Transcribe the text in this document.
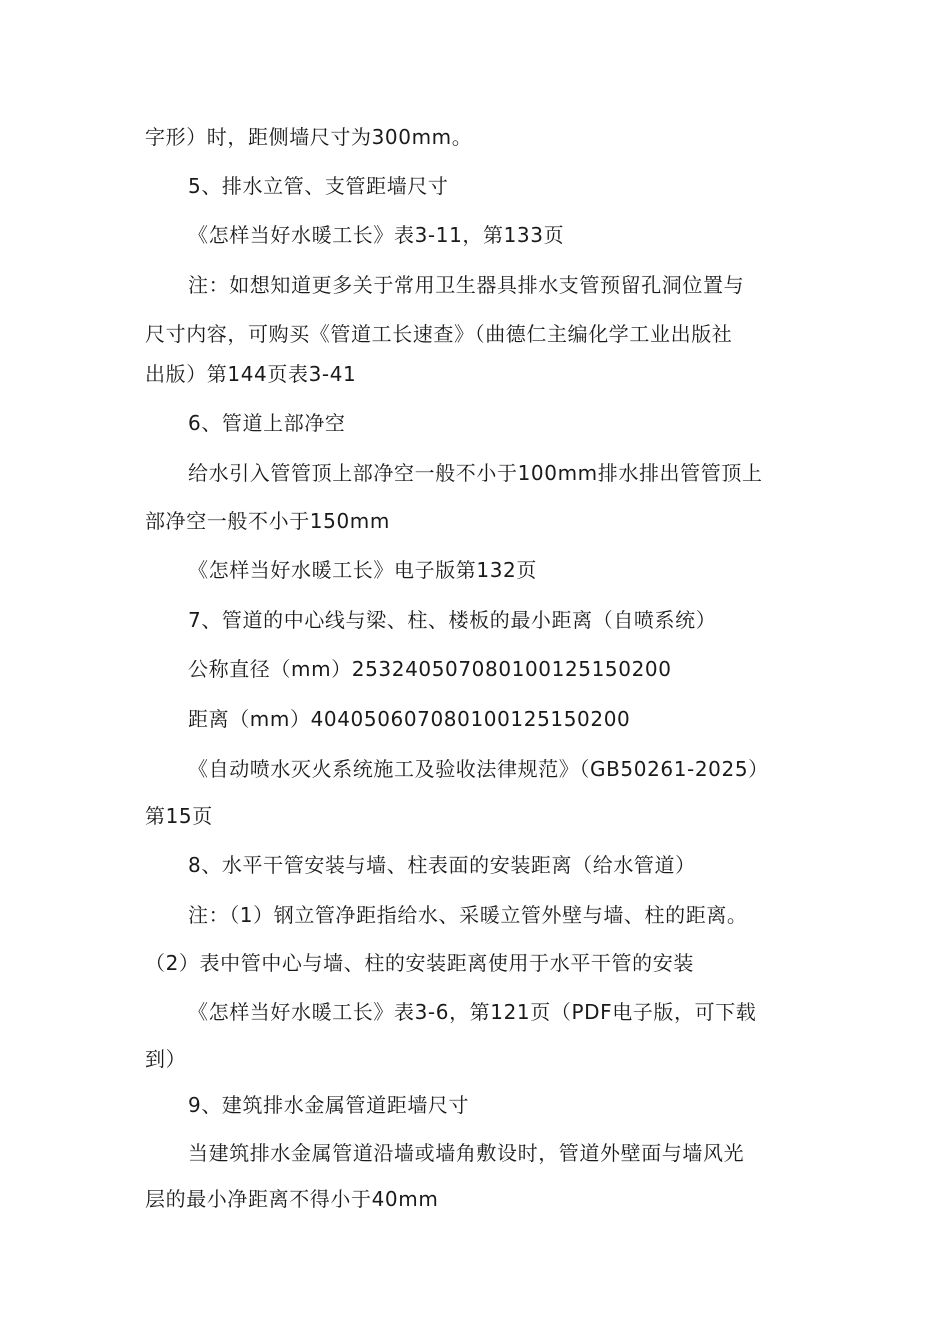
字形）时，距侧墙尺寸为300mm。
5、排水立管、支管距墙尺寸
《怎样当好水暖工长》表3-11，第133页
注：如想知道更多关于常用卫生器具排水支管预留孔洞位置与
尺寸内容，可购买《管道工长速查》（曲德仁主编化学工业出版社
出版）第144页表3-41
6、管道上部净空
给水引入管管顶上部净空一般不小于100mm排水排出管管顶上
部净空一般不小于150mm
《怎样当好水暖工长》电子版第132页
7、管道的中心线与梁、柱、楼板的最小距离（自喷系统）
公称直径（mm）2532405070801001251502​00
距离（mm）4040506070801001251502​00
《自动喷水灭火系统施工及验收法律规范》（GB50261-2025）
第15页
8、水平干管安装与墙、柱表面的安装距离（给水管道）
注：（1）钢立管净距指给水、采暖立管外壁与墙、柱的距离。
（2）表中管中心与墙、柱的安装距离使用于水平干管的安装
《怎样当好水暖工长》表3-6，第121页（PDF电子版，可下载
到）
9、建筑排水金属管道距墙尺寸
当建筑排水金属管道沿墙或墙角敷设时，管道外壁面与墙风光
层的最小净距离不得小于40mm
